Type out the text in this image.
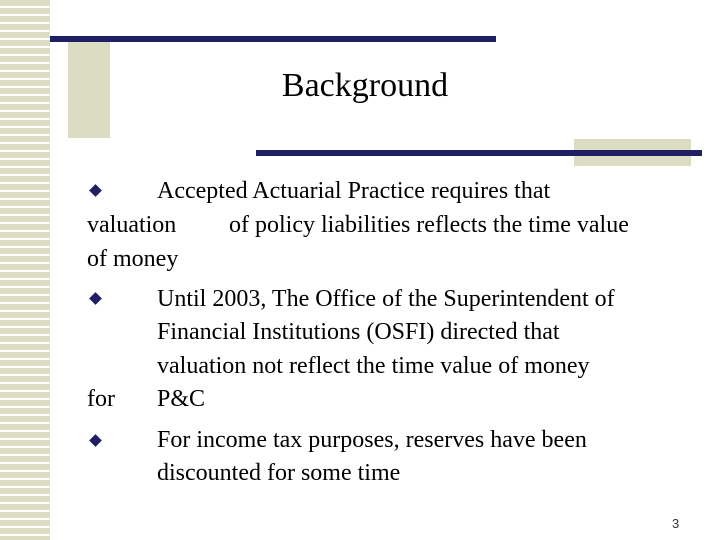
Background
Accepted Actuarial Practice requires that
valuation of policy liabilities reflects the time value
of money
Until 2003, The Office of the Superintendent of
Financial Institutions (OSFI) directed that
valuation not reflect the time value of money
for P&C
For income tax purposes, reserves have been
discounted for some time
3
